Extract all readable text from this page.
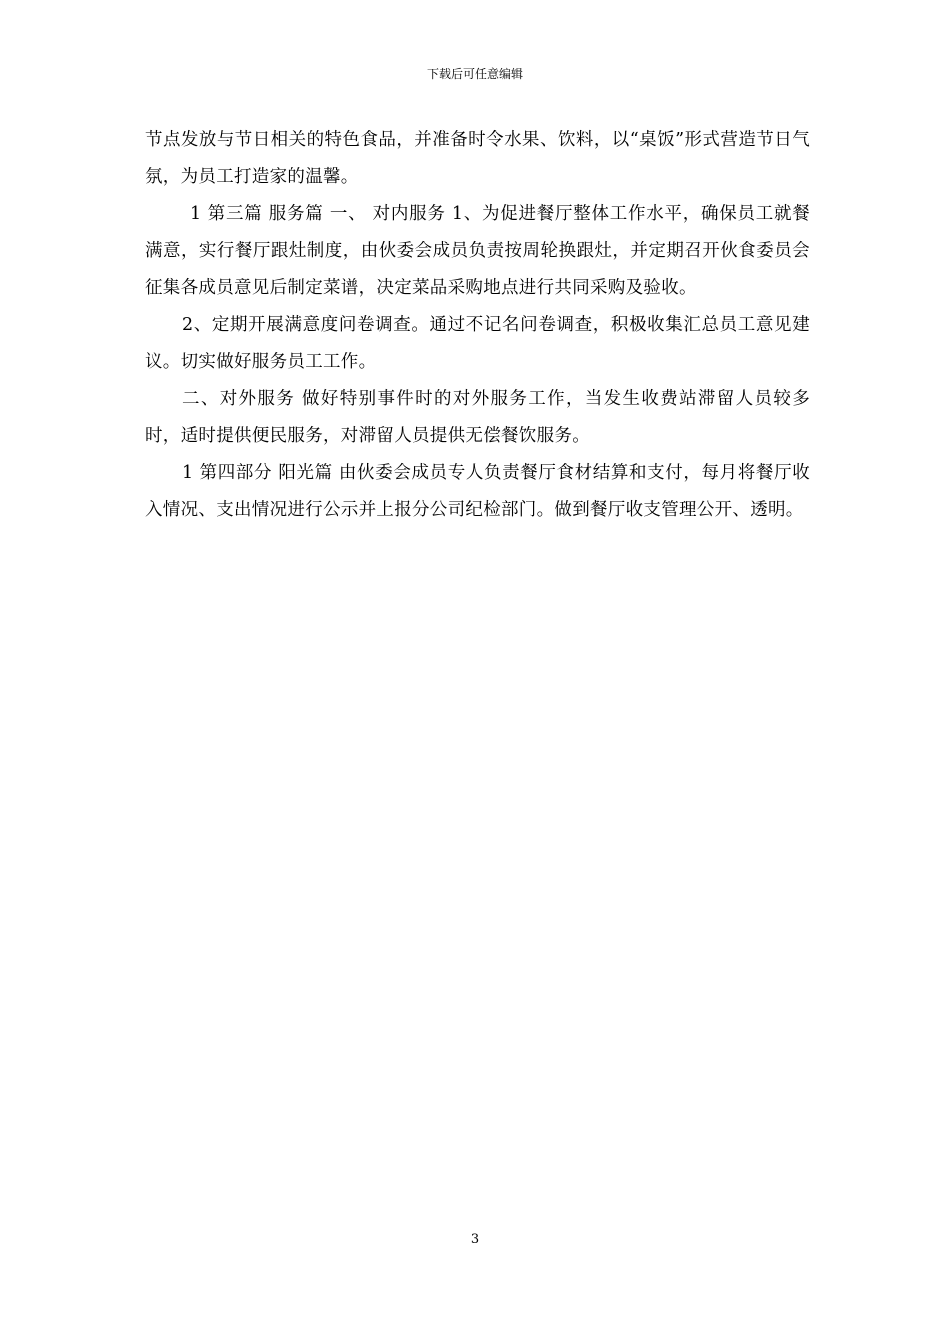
下载后可任意编辑

节点发放与节日相关的特色食品，并准备时令水果、饮料，以“桌饭”形式营造节日气氛，为员工打造家的温馨。

1 第三篇 服务篇 一、 对内服务 1、为促进餐厅整体工作水平，确保员工就餐满意，实行餐厅跟灶制度，由伙委会成员负责按周轮换跟灶，并定期召开伙食委员会征集各成员意见后制定菜谱，决定菜品采购地点进行共同采购及验收。

2、定期开展满意度问卷调查。通过不记名问卷调查，积极收集汇总员工意见建议。切实做好服务员工工作。

二、对外服务 做好特别事件时的对外服务工作，当发生收费站滞留人员较多时，适时提供便民服务，对滞留人员提供无偿餐饮服务。

1 第四部分 阳光篇 由伙委会成员专人负责餐厅食材结算和支付，每月将餐厅收入情况、支出情况进行公示并上报分公司纪检部门。做到餐厅收支管理公开、透明。

3
